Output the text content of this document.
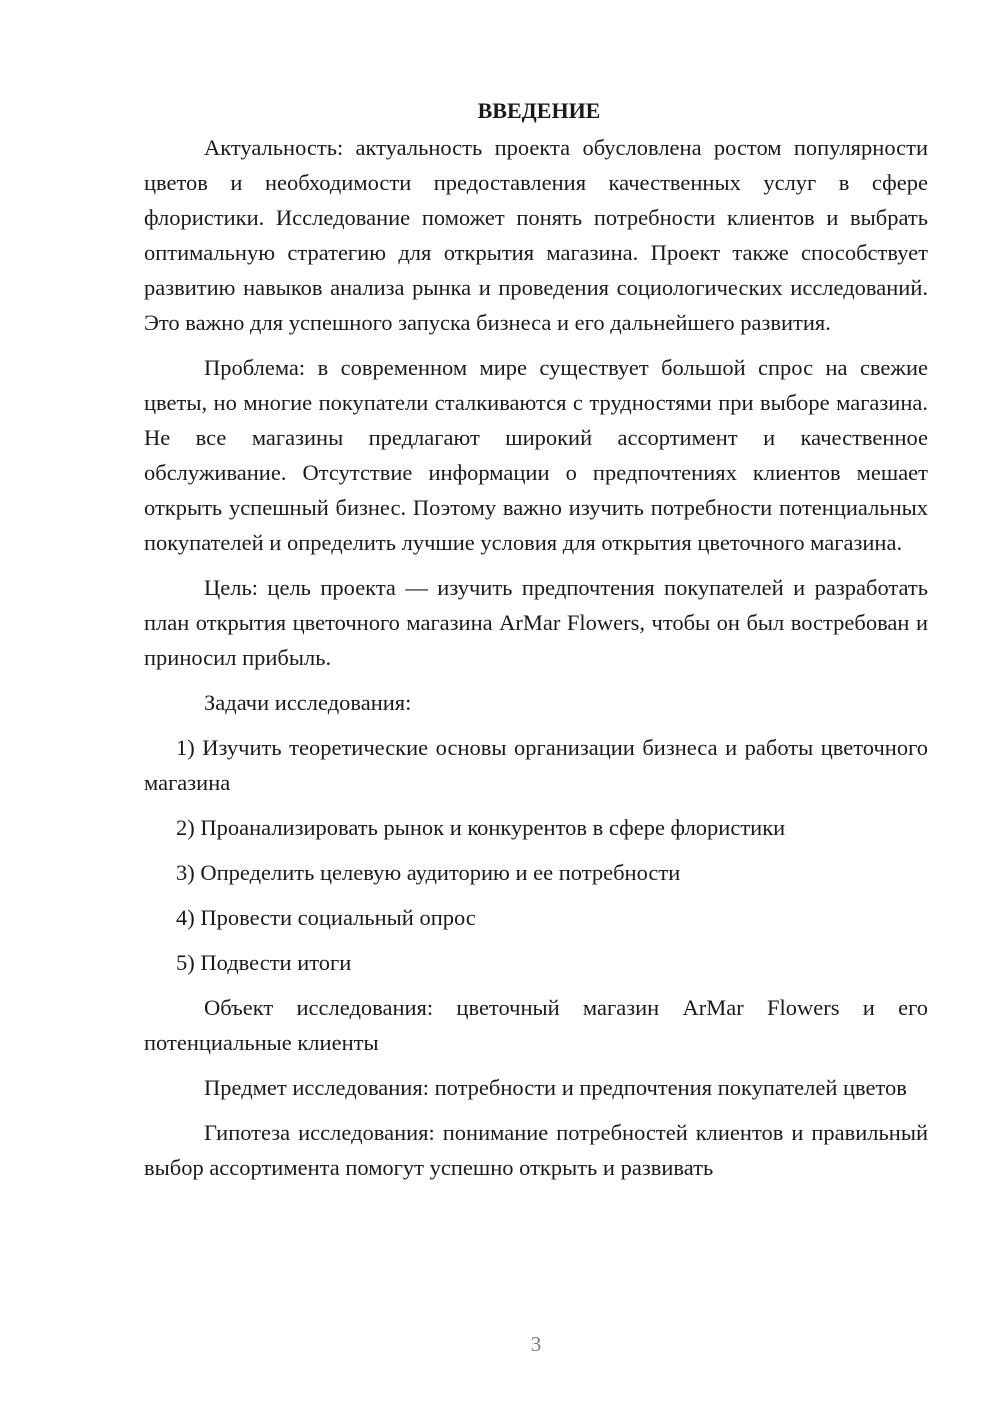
ВВЕДЕНИЕ

Актуальность: актуальность проекта обусловлена ростом популярности цветов и необходимости предоставления качественных услуг в сфере флористики. Исследование поможет понять потребности клиентов и выбрать оптимальную стратегию для открытия магазина. Проект также способствует развитию навыков анализа рынка и проведения социологических исследований. Это важно для успешного запуска бизнеса и его дальнейшего развития.

Проблема: в современном мире существует большой спрос на свежие цветы, но многие покупатели сталкиваются с трудностями при выборе магазина. Не все магазины предлагают широкий ассортимент и качественное обслуживание. Отсутствие информации о предпочтениях клиентов мешает открыть успешный бизнес. Поэтому важно изучить потребности потенциальных покупателей и определить лучшие условия для открытия цветочного магазина.

Цель: цель проекта — изучить предпочтения покупателей и разработать план открытия цветочного магазина ArMar Flowers, чтобы он был востребован и приносил прибыль.

Задачи исследования:

1) Изучить теоретические основы организации бизнеса и работы цветочного магазина

2) Проанализировать рынок и конкурентов в сфере флористики

3) Определить целевую аудиторию и ее потребности

4) Провести социальный опрос

5) Подвести итоги

Объект исследования: цветочный магазин ArMar Flowers и его потенциальные клиенты

Предмет исследования: потребности и предпочтения покупателей цветов

Гипотеза исследования: понимание потребностей клиентов и правильный выбор ассортимента помогут успешно открыть и развивать

3
